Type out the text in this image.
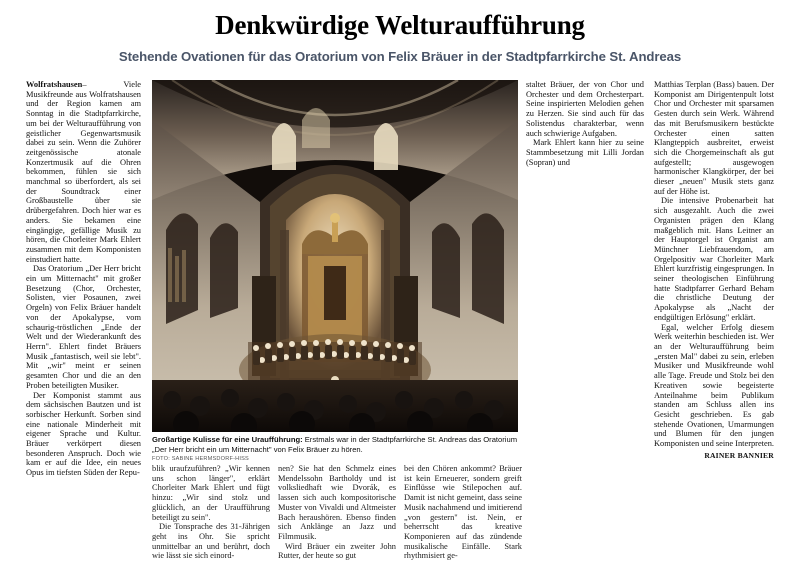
Denkwürdige Welturaufführung
Stehende Ovationen für das Oratorium von Felix Bräuer in der Stadtpfarrkirche St. Andreas

Wolfratshausen– Viele Musikfreunde aus Wolfratshausen und der Region kamen am Sonntag in die Stadtpfarrkirche, um bei der Welturaufführung von geistlicher Gegenwartsmusik dabei zu sein. Wenn die Zuhörer zeitgenössische atonale Konzertmusik auf die Ohren bekommen, fühlen sie sich manchmal so überfordert, als sei der Soundtrack einer Großbaustelle über sie drübergefahren. Doch hier war es anders. Sie bekamen eine eingängige, gefällige Musik zu hören, die Chorleiter Mark Ehlert zusammen mit dem Komponisten einstudiert hatte.

Das Oratorium „Der Herr bricht ein um Mitternacht" mit großer Besetzung (Chor, Orchester, Solisten, vier Posaunen, zwei Orgeln) von Felix Bräuer handelt von der Apokalypse, vom schaurig-tröstlichen „Ende der Welt und der Wiederankunft des Herrn". Ehlert findet Bräuers Musik „fantastisch, weil sie lebt". Mit „wir" meint er seinen gesamten Chor und die an den Proben beteiligten Musiker.

Der Komponist stammt aus dem sächsischen Bautzen und ist sorbischer Herkunft. Sorben sind eine nationale Minderheit mit eigener Sprache und Kultur. Bräuer verkörpert diesen besonderen Anspruch. Doch wie kam er auf die Idee, ein neues Opus im tiefsten Süden der Repu-

Großartige Kulisse für eine Uraufführung: Erstmals war in der Stadtpfarrkirche St. Andreas das Oratorium „Der Herr bricht ein um Mitternacht" von Felix Bräuer zu hören.
FOTO: SABINE HERMSDORF-HISS

blik uraufzuführen? „Wir kennen uns schon länger", erklärt Chorleiter Mark Ehlert und fügt hinzu: „Wir sind stolz und glücklich, an der Uraufführung beteiligt zu sein".

Die Tonsprache des 31-Jährigen geht ins Ohr. Sie spricht unmittelbar an und berührt, doch wie lässt sie sich einord-

nen? Sie hat den Schmelz eines Mendelssohn Bartholdy und ist volksliedhaft wie Dvorák, es lassen sich auch kompositorische Muster von Vivaldi und Altmeister Bach heraushören. Ebenso finden sich Anklänge an Jazz und Filmmusik.

Wird Bräuer ein zweiter John Rutter, der heute so gut

bei den Chören ankommt? Bräuer ist kein Erneuerer, sondern greift Einflüsse wie Stilepochen auf. Damit ist nicht gemeint, dass seine Musik nachahmend und imitierend „von gestern" ist. Nein, er beherrscht das kreative Komponieren auf das zündende musikalische Einfälle. Stark rhythmisiert ge-

staltet Bräuer, der von Chor und Orchester und dem Orchesterpart. Seine inspirierten Melodien gehen zu Herzen. Sie sind auch für das Solistendus charakterbar, wenn auch schwierige Aufgaben.

Mark Ehlert kann hier zu seine Stammbesetzung mit Lilli Jordan (Sopran) und

Matthias Terplan (Bass) bauen. Der Komponist am Dirigentenpult lotst Chor und Orchester mit sparsamen Gesten durch sein Werk. Während das mit Berufsmusikern bestückte Orchester einen satten Klangteppich ausbreitet, erweist sich die Chorgemeinschaft als gut aufgestellt; ausgewogen harmonischer Klangkörper, der bei dieser „neuen" Musik stets ganz auf der Höhe ist.

Die intensive Probenarbeit hat sich ausgezahlt. Auch die zwei Organisten prägen den Klang maßgeblich mit. Hans Leitner an der Hauptorgel ist Organist am Münchner Liebfrauendom, am Orgelpositiv war Chorleiter Mark Ehlert kurzfristig eingesprungen. In seiner theologischen Einführung hatte Stadtpfarrer Gerhard Beham die christliche Deutung der Apokalypse als „Nacht der endgültigen Erlösung" erklärt.

Egal, welcher Erfolg diesem Werk weiterhin beschieden ist. Wer an der Welturaufführung beim „ersten Mal" dabei zu sein, erleben Musiker und Musikfreunde wohl alle Tage. Freude und Stolz bei den Kreativen sowie begeisterte Anteilnahme beim Publikum standen am Schluss allen ins Gesicht geschrieben. Es gab stehende Ovationen, Umarmungen und Blumen für den jungen Komponisten und seine Interpreten.

RAINER BANNIER
